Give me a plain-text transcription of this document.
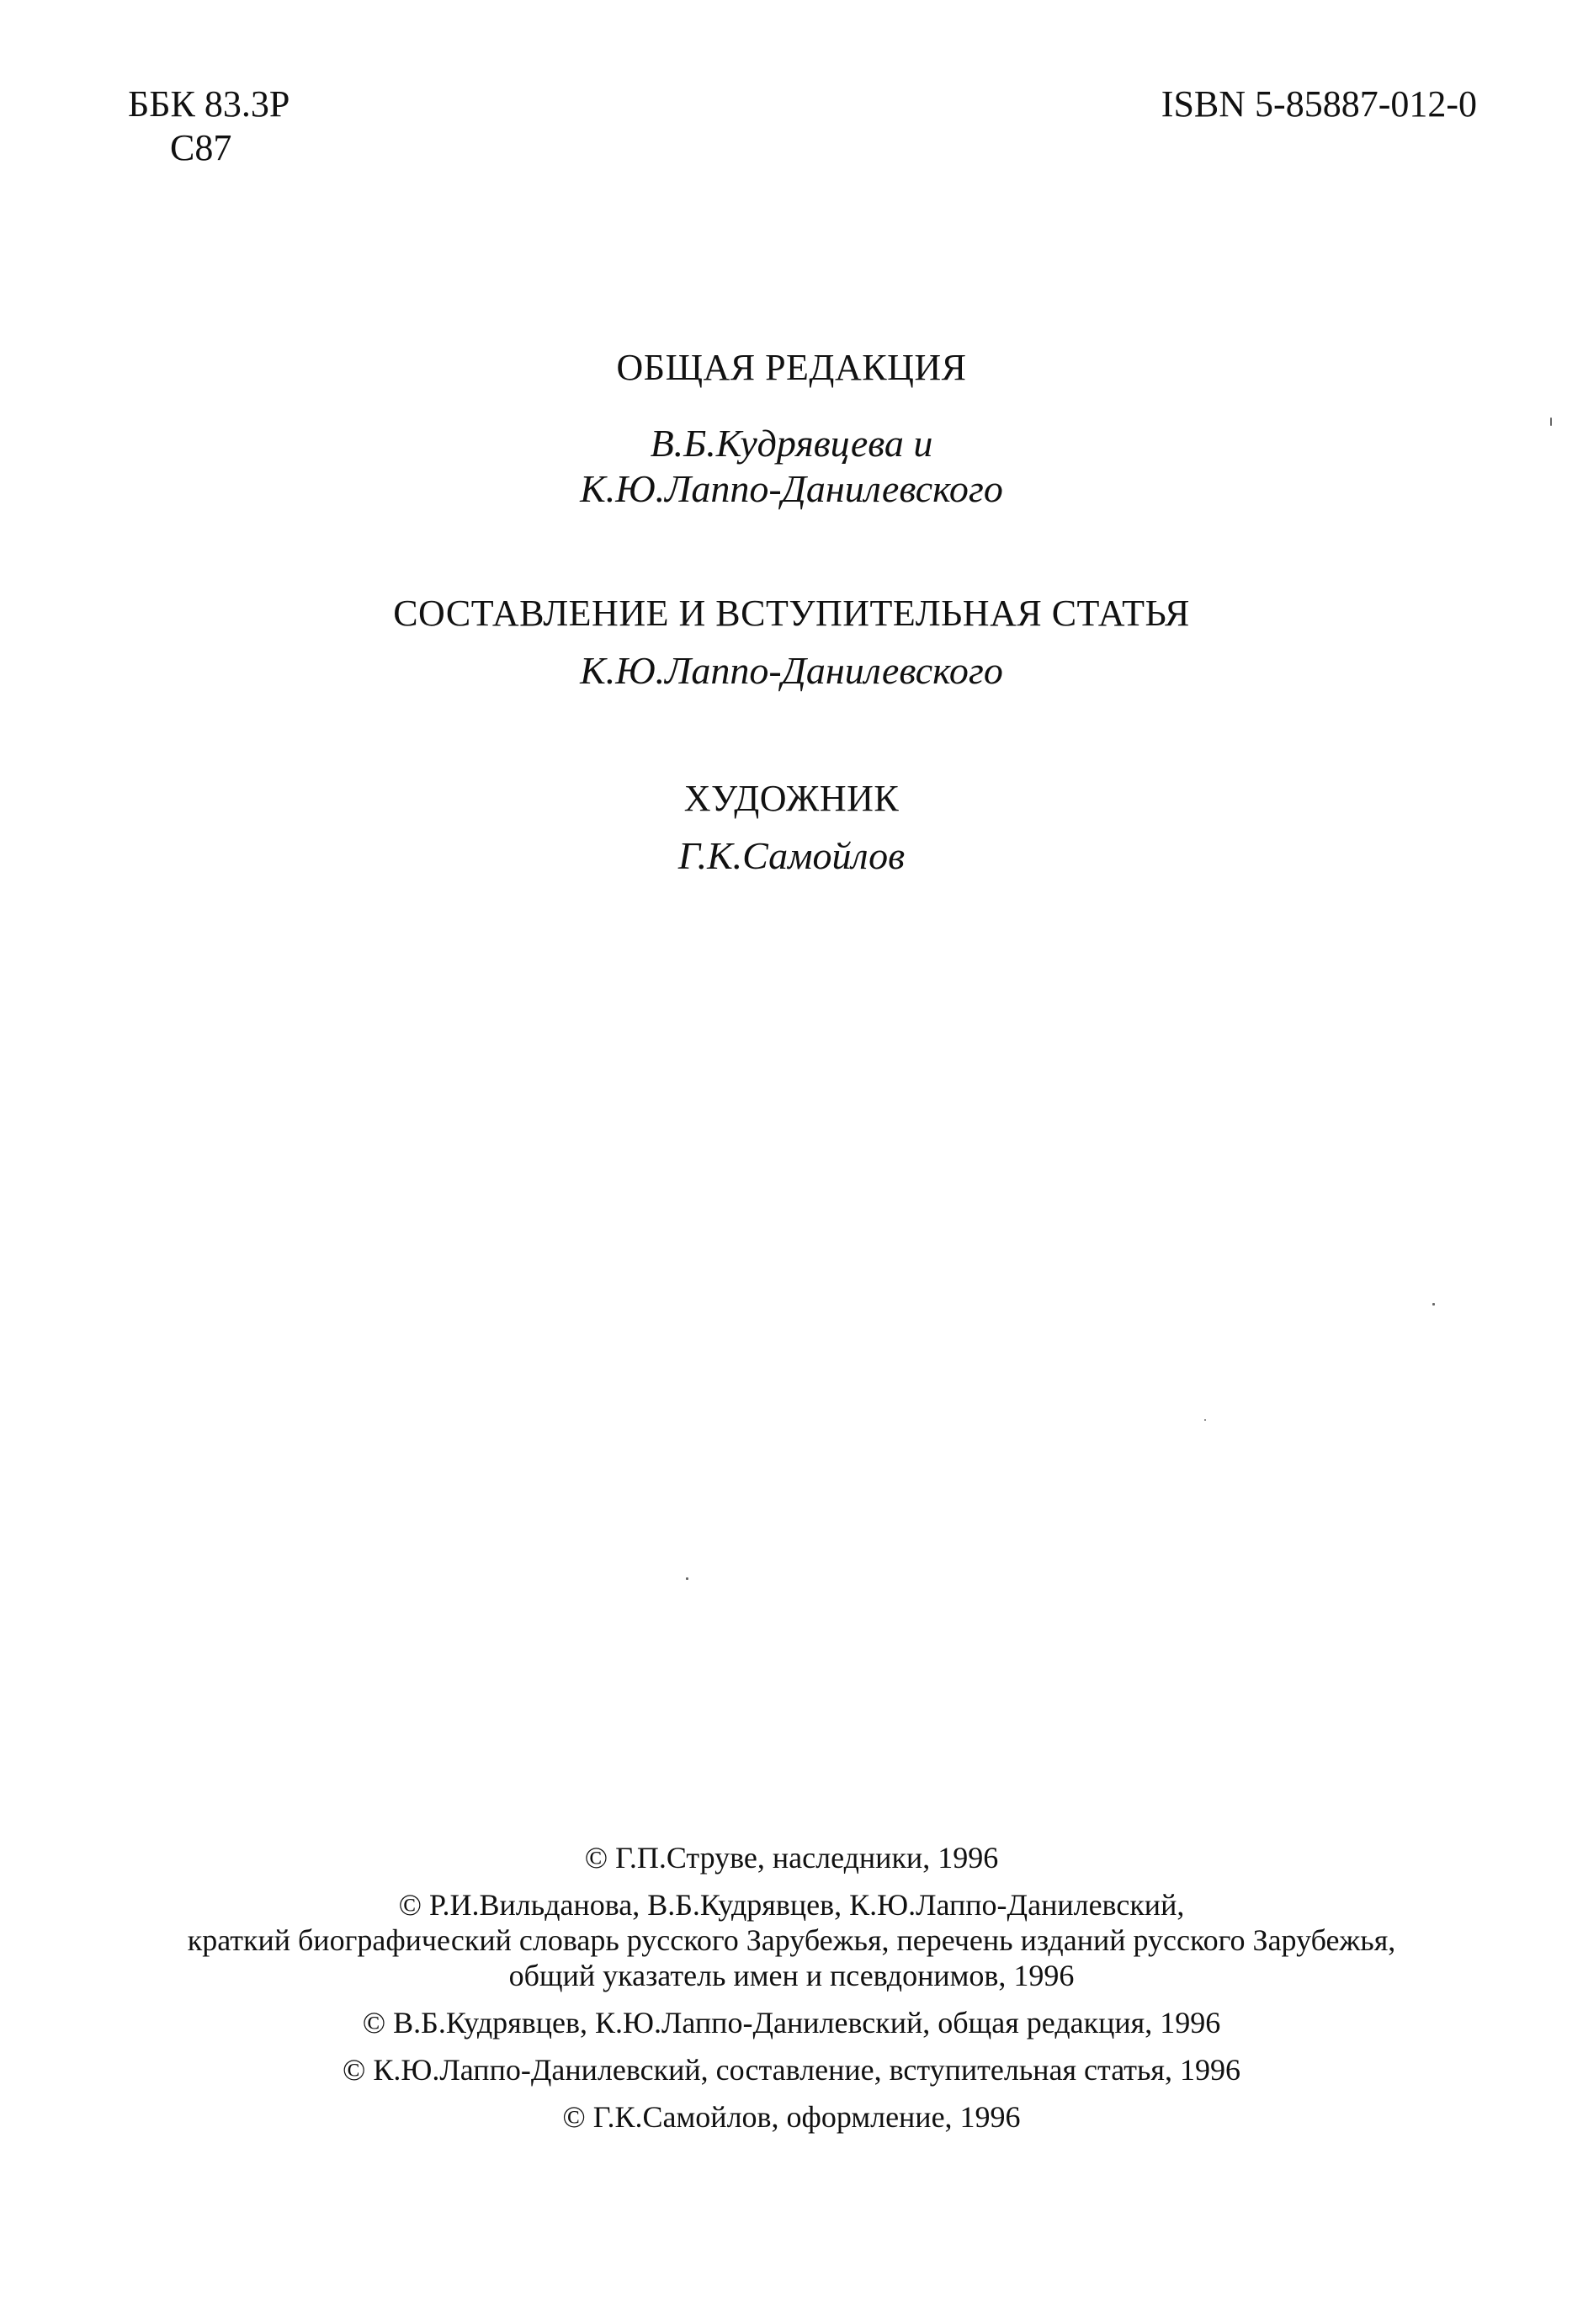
ББК 83.3Р
С87
ISBN 5-85887-012-0
ОБЩАЯ РЕДАКЦИЯ
В.Б.Кудрявцева и
К.Ю.Лаппо-Данилевского
СОСТАВЛЕНИЕ И ВСТУПИТЕЛЬНАЯ СТАТЬЯ
К.Ю.Лаппо-Данилевского
ХУДОЖНИК
Г.К.Самойлов
© Г.П.Струве, наследники, 1996
© Р.И.Вильданова, В.Б.Кудрявцев, К.Ю.Лаппо-Данилевский,
краткий биографический словарь русского Зарубежья, перечень изданий русского Зарубежья,
общий указатель имен и псевдонимов, 1996
© В.Б.Кудрявцев, К.Ю.Лаппо-Данилевский, общая редакция, 1996
© К.Ю.Лаппо-Данилевский, составление, вступительная статья, 1996
© Г.К.Самойлов, оформление, 1996
